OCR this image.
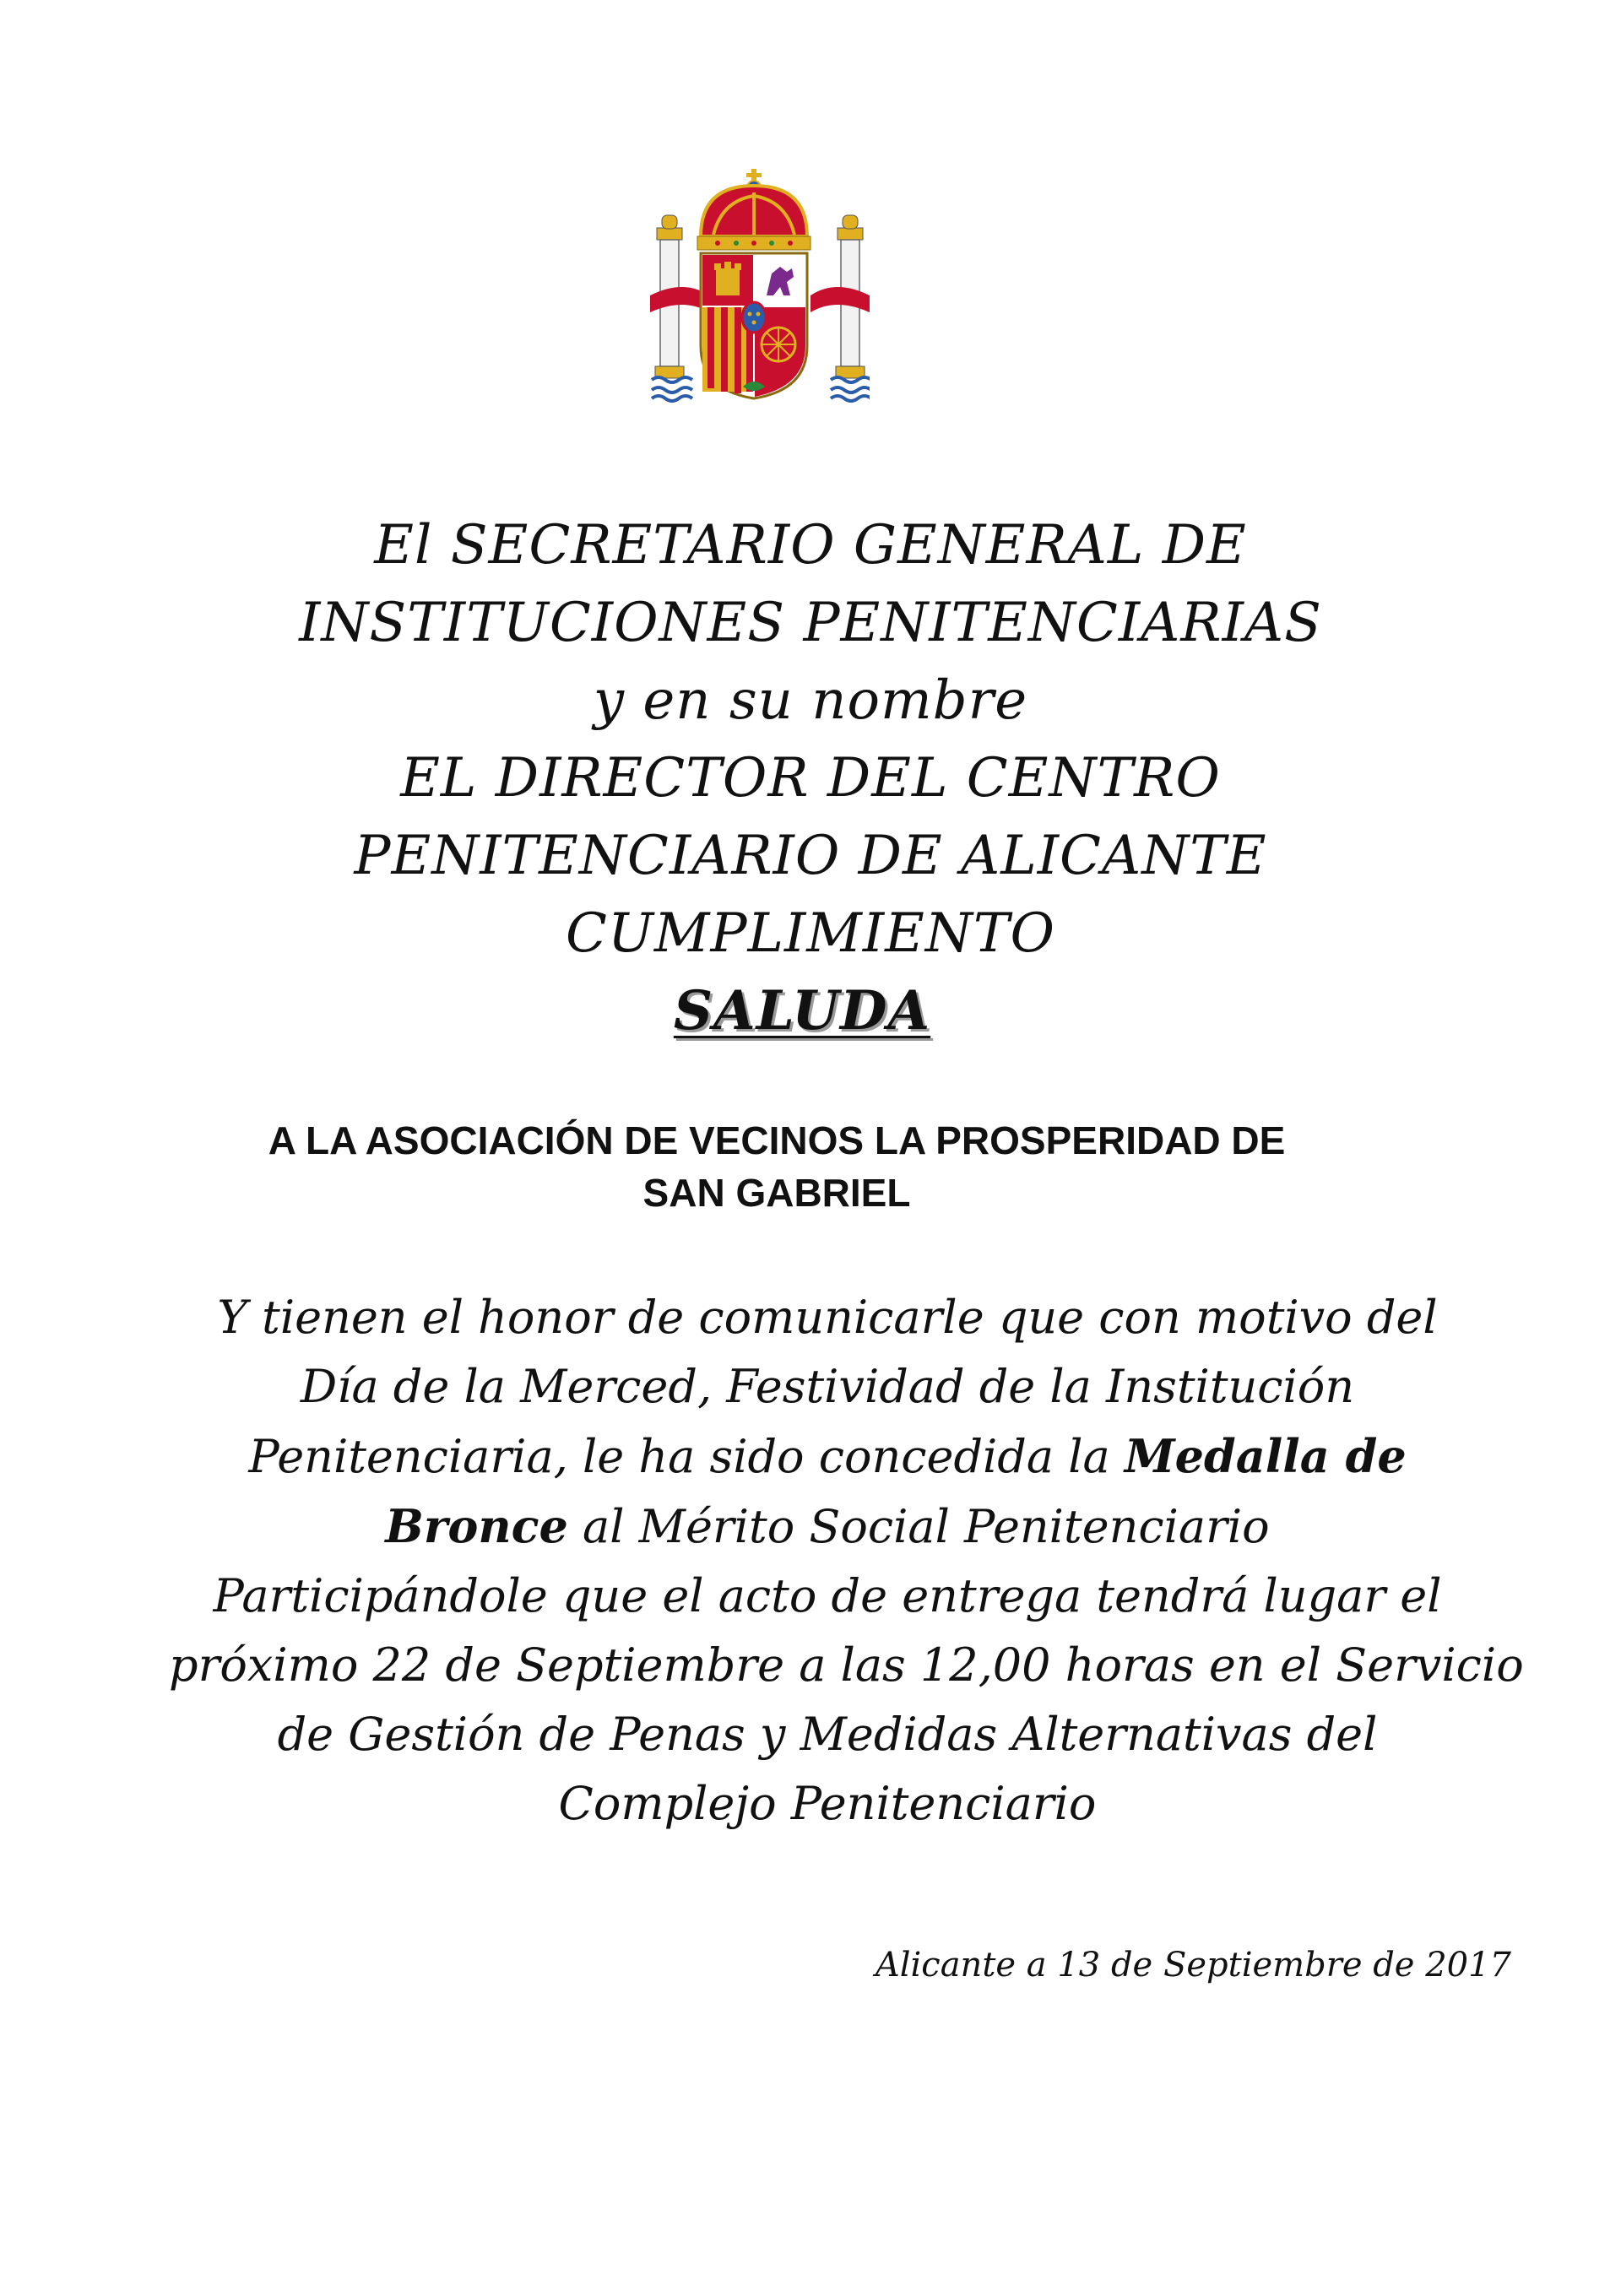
El SECRETARIO GENERAL DE
INSTITUCIONES PENITENCIARIAS
y en su nombre
EL DIRECTOR DEL CENTRO
PENITENCIARIO DE ALICANTE
CUMPLIMIENTO
SALUDA
A LA ASOCIACIÓN DE VECINOS LA PROSPERIDAD DE
SAN GABRIEL
Y tienen el honor de comunicarle que con motivo del
Día de la Merced, Festividad de la Institución
Penitenciaria, le ha sido concedida la Medalla de
Bronce al Mérito Social Penitenciario
Participándole que el acto de entrega tendrá lugar el
próximo 22 de Septiembre a las 12,00 horas en el Servicio
de Gestión de Penas y Medidas Alternativas del
Complejo Penitenciario
Alicante a 13 de Septiembre de 2017
